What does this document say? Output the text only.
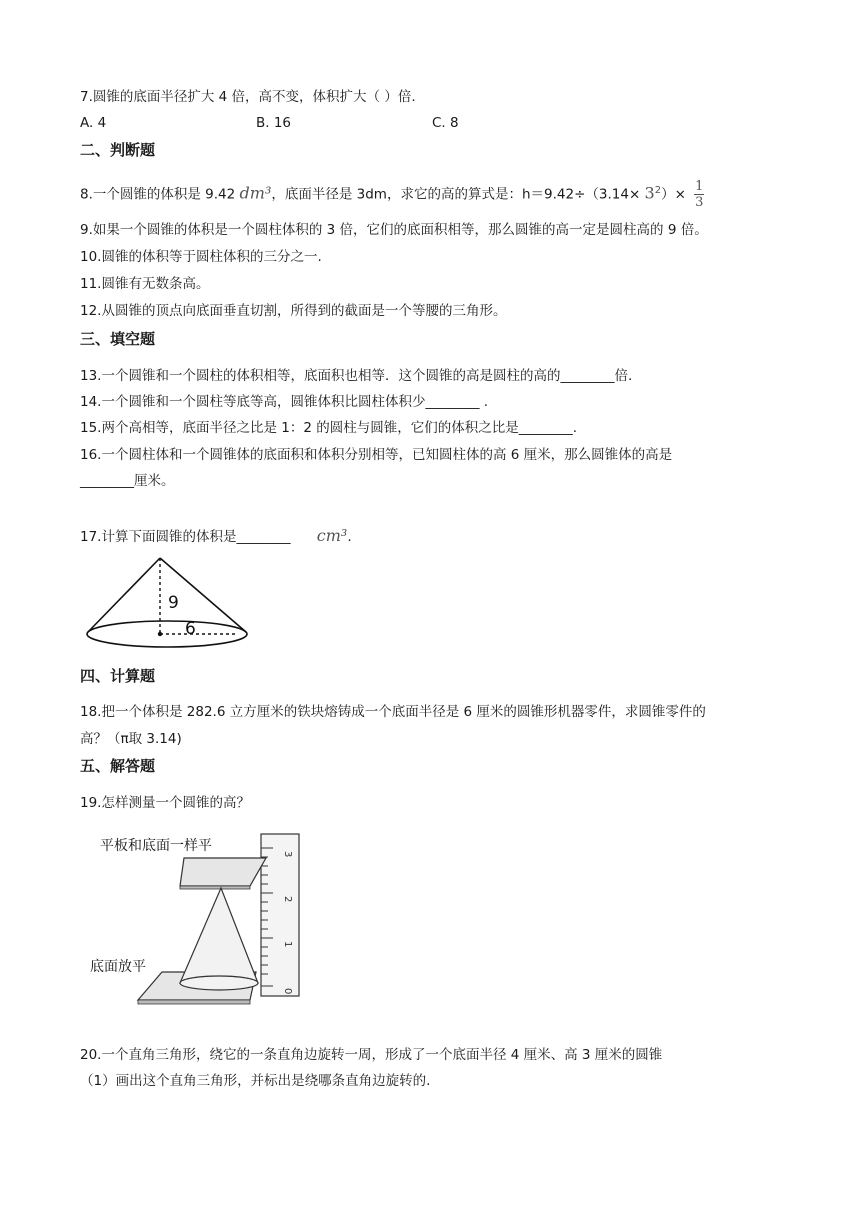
7.圆锥的底面半径扩大 4 倍，高不变，体积扩大（ ）倍.
A. 4	B. 16	C. 8
二、判断题
8.一个圆锥的体积是 9.42 dm³，底面半径是 3dm，求它的高的算式是：$h=9.42\div(3.14\times 3^2)\times \frac{1}{3}$
9.如果一个圆锥的体积是一个圆柱体积的 3 倍，它们的底面积相等，那么圆锥的高一定是圆柱高的 9 倍。
10.圆锥的体积等于圆柱体积的三分之一.
11.圆锥有无数条高。
12.从圆锥的顶点向底面垂直切割，所得到的截面是一个等腰的三角形。
三、填空题
13.一个圆锥和一个圆柱的体积相等，底面积也相等．这个圆锥的高是圆柱的高的________倍.
14.一个圆锥和一个圆柱等底等高，圆锥体积比圆柱体积少________ .
15.两个高相等，底面半径之比是 1：2 的圆柱与圆锥，它们的体积之比是________.
16.一个圆柱体和一个圆锥体的底面积和体积分别相等，已知圆柱体的高 6 厘米，那么圆锥体的高是
________厘米。
17.计算下面圆锥的体积是________ cm³.
9
6
四、计算题
18.把一个体积是 282.6 立方厘米的铁块熔铸成一个底面半径是 6 厘米的圆锥形机器零件，求圆锥零件的
高？（π取 3.14)
五、解答题
19.怎样测量一个圆锥的高？
3
2
1
0
平板和底面一样平
底面放平
20.一个直角三角形，绕它的一条直角边旋转一周，形成了一个底面半径 4 厘米、高 3 厘米的圆锥
（1）画出这个直角三角形，并标出是绕哪条直角边旋转的.
